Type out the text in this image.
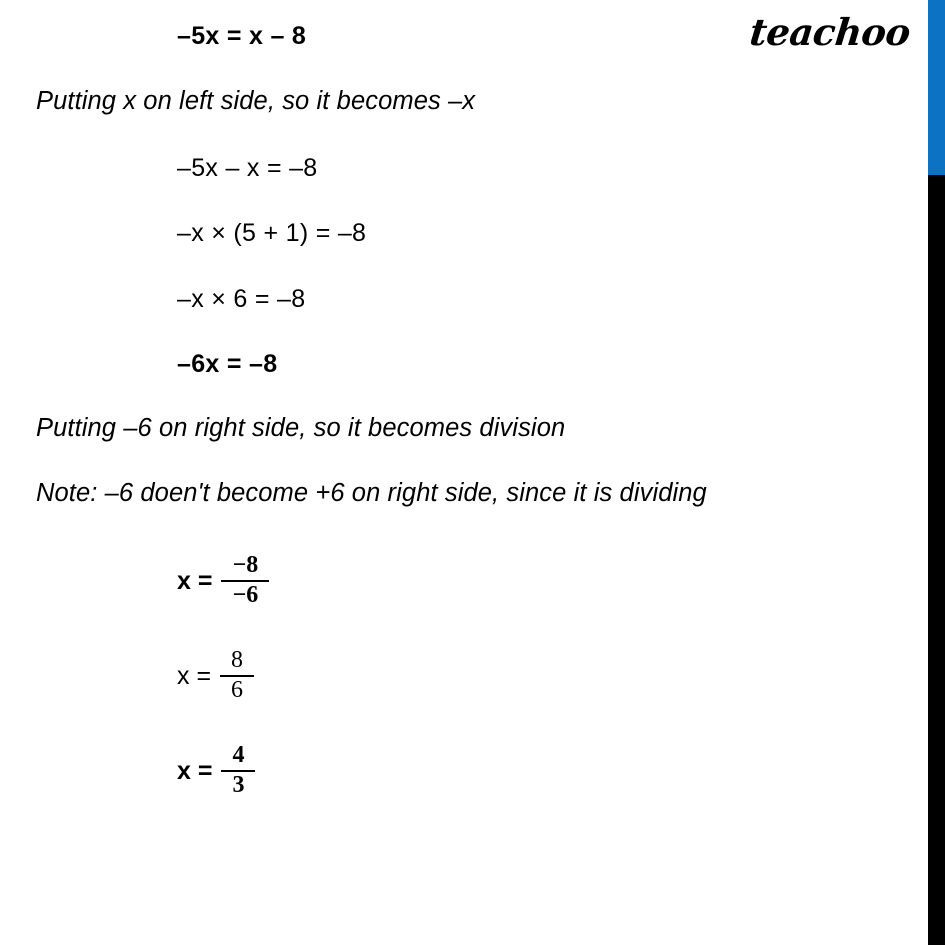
teachoo
–5x = x – 8
Putting x on left side, so it becomes –x
–5x – x = –8
–x × (5 + 1) = –8
–x × 6 = –8
–6x = –8
Putting –6 on right side, so it becomes division
Note: –6 doen't become +6 on right side, since it is dividing
$x = \frac{-8}{-6}$
$x = \frac{8}{6}$
$x = \frac{4}{3}$
